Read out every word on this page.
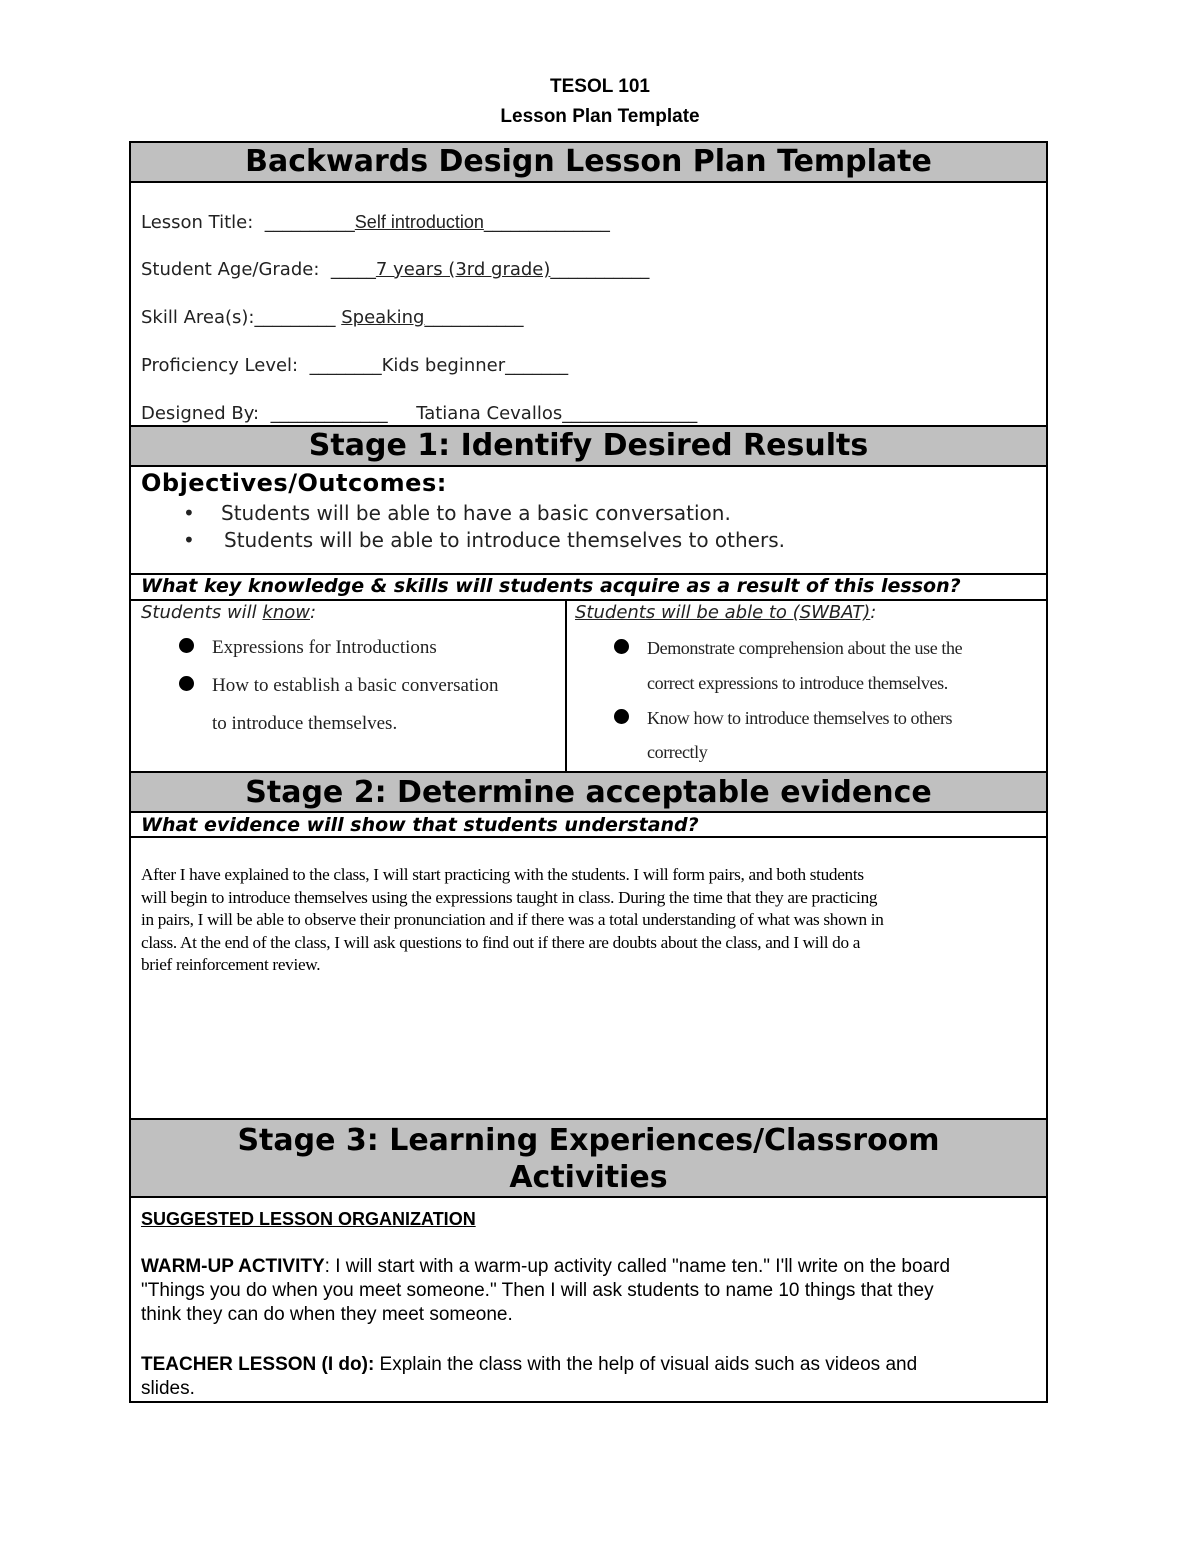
TESOL 101
Lesson Plan Template
Backwards Design Lesson Plan Template
Lesson Title:  __________Self introduction______________
Student Age/Grade:  _____7 years (3rd grade)___________
Skill Area(s):_________ Speaking___________
Proficiency Level:  ________Kids beginner_______
Designed By:  _____________     Tatiana Cevallos_______________
Stage 1: Identify Desired Results
Objectives/Outcomes:
• Students will be able to have a basic conversation.
• Students will be able to introduce themselves to others.
What key knowledge & skills will students acquire as a result of this lesson?
Students will know:
Expressions for Introductions
How to establish a basic conversation
to introduce themselves.
Students will be able to (SWBAT):
Demonstrate comprehension about the use the
correct expressions to introduce themselves.
Know how to introduce themselves to others
correctly
Stage 2: Determine acceptable evidence
What evidence will show that students understand?
After I have explained to the class, I will start practicing with the students. I will form pairs, and both students
will begin to introduce themselves using the expressions taught in class. During the time that they are practicing
in pairs, I will be able to observe their pronunciation and if there was a total understanding of what was shown in
class. At the end of the class, I will ask questions to find out if there are doubts about the class, and I will do a
brief reinforcement review.
Stage 3: Learning Experiences/Classroom
Activities
SUGGESTED LESSON ORGANIZATION
WARM-UP ACTIVITY: I will start with a warm-up activity called "name ten." I'll write on the board
"Things you do when you meet someone." Then I will ask students to name 10 things that they
think they can do when they meet someone.
TEACHER LESSON (I do): Explain the class with the help of visual aids such as videos and
slides.
